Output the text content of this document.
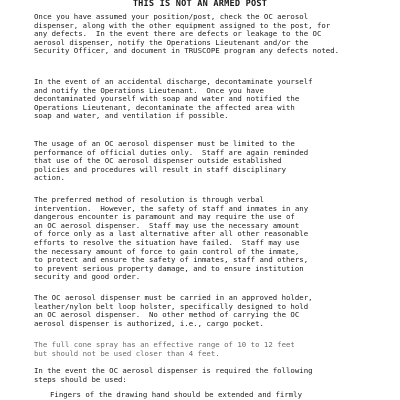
THIS IS NOT AN ARMED POST

Once you have assumed your position/post, check the OC aerosol
dispenser, along with the other equipment assigned to the post, for
any defects.  In the event there are defects or leakage to the OC
aerosol dispenser, notify the Operations Lieutenant and/or the
Security Officer, and document in TRUSCOPE program any defects noted.

In the event of an accidental discharge, decontaminate yourself
and notify the Operations Lieutenant.  Once you have
decontaminated yourself with soap and water and notified the
Operations Lieutenant, decontaminate the affected area with
soap and water, and ventilation if possible.

The usage of an OC aerosol dispenser must be limited to the
performance of official duties only.  Staff are again reminded
that use of the OC aerosol dispenser outside established
policies and procedures will result in staff disciplinary
action.

The preferred method of resolution is through verbal
intervention.  However, the safety of staff and inmates in any
dangerous encounter is paramount and may require the use of
an OC aerosol dispenser.  Staff may use the necessary amount
of force only as a last alternative after all other reasonable
efforts to resolve the situation have failed.  Staff may use
the necessary amount of force to gain control of the inmate,
to protect and ensure the safety of inmates, staff and others,
to prevent serious property damage, and to ensure institution
security and good order.

The OC aerosol dispenser must be carried in an approved holder,
leather/nylon belt loop holster, specifically designed to hold
an OC aerosol dispenser.  No other method of carrying the OC
aerosol dispenser is authorized, i.e., cargo pocket.

The full cone spray has an effective range of 10 to 12 feet
but should not be used closer than 4 feet.

In the event the OC aerosol dispenser is required the following
steps should be used:

Fingers of the drawing hand should be extended and firmly
